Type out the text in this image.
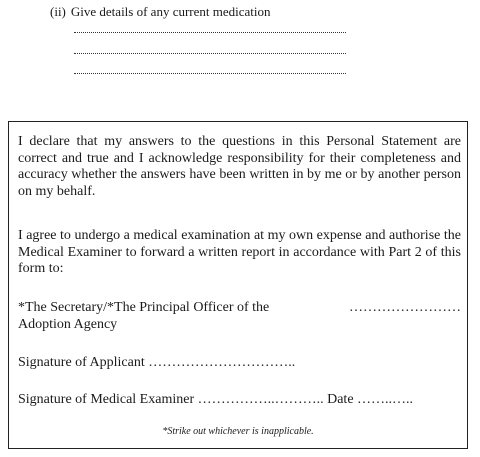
(ii) Give details of any current medication
I declare that my answers to the questions in this Personal Statement are correct and true and I acknowledge responsibility for their completeness and accuracy whether the answers have been written in by me or by another person on my behalf.
I agree to undergo a medical examination at my own expense and authorise the Medical Examiner to forward a written report in accordance with Part 2 of this form to:
*The Secretary/*The Principal Officer of the	……………………
Adoption Agency
Signature of Applicant …………………………..
Signature of Medical Examiner ……………..……….. Date ……..…..
*Strike out whichever is inapplicable.
